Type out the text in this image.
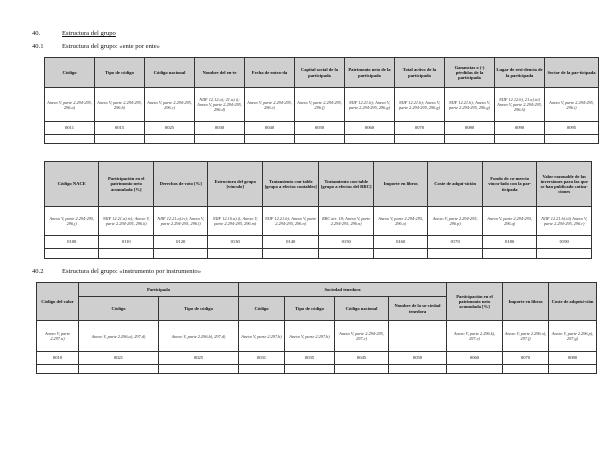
40.	Estructura del grupo
40.1	Estructura del grupo: «ente por ente»
Código	Tipo de código	Código nacional	Nombre del en-te	Fecha de entra-da	Capital social de la participada	Patrimonio neto de la participada	Total activo de la participada	Ganancias o (-) pérdidas de la participada	Lugar de resi-dencia de la participada	Sector de la par-ticipada
Anexo V, parte 2.294-295, 296.a)	Anexo V, parte 2.294-295, 296.b)	Anexo V, parte 2.294-295, 296.c)	NIIF 12.12.a); 21.a).i); Anexo V, parte 2.294-295, 296.d)	Anexo V, parte 2.294-295, 296.e)	Anexo V, parte 2.294-295, 296.f)	NIIF 12.21.b); Anexo V, parte 2.294-295, 296.g)	NIIF 12.21.b); Anexo V, parte 2.294-295, 296.g)	NIIF 12.21.b); Anexo V, parte 2.294-295, 296.g)	NIIF 12.12.b), 21.a).iii) Anexo V, parte 2.294-295, 296.h)	Anexo V, parte 2.294-295, 296.i)
0011	0015	0025	0030	0040	0050	0060	0070	0080	0090	0095

Código NACE	Participación en el patrimonio neto acumulada [%]	Derechos de voto [%]	Estructura del grupo [vínculo]	Tratamiento con-table [grupo a efectos contables]	Tratamiento con-table [grupo a efectos del RRC]	Importe en libros	Coste de adqui-sición	Fondo de co-mercio vincu-lado con la par-ticipada	Valor razonable de las inversiones para las que se han publicado cotiza-ciones
Anexo V, parte 2.294-295, 296.j)	NIIF 12.21.a).iv); Anexo V, parte 2.294-295, 296.k)	NIIF 12.21.a).iv); Anexo V, parte 2.294-295, 296.l)	NIIF 12.10.a).i); Anexo V, parte 2.294-295, 296.m)	NIIF 12.21.b); Anexo V, parte 2.294-295, 296.n)	RRC art. 18; Anexo V, parte 2.294-295, 296.n)	Anexo V, parte 2.294-295, 296.o)	Anexo V, parte 2.294-295, 296.p)	Anexo V, parte 2.294-295, 296.q)	NIIF 12.21.b).iii) Anexo V, parte 2.294-295, 296.r)
0100	0110	0120	0130	0140	0150	0160	0170	0180	0190

40.2	Estructura del grupo: «instrumento por instrumento»
Código del valor	Participada		Sociedad tenedora				Participación en el patrimonio neto acumulada [%]	Importe en libros	Coste de adquisi-ción
	Código	Tipo de código	Código	Tipo de código	Código nacional	Nombre de la so-ciedad tenedora			
Anexo V, parte 2.297.a)	Anexo V, parte 2.296.a), 297.d)	Anexo V, parte 2.296.b), 297.d)	Anexo V, parte 2.297.b)	Anexo V, parte 2.297.b)	Anexo V, parte 2.294-295, 297.c)		Anexo V, parte 2.296.k), 297.e)	Anexo V, parte 2.296.o), 297.f)	Anexo V, parte 2.296.p), 297.g)
0010	0021	0025	0031	0035	0045	0050	0060	0070	0080
